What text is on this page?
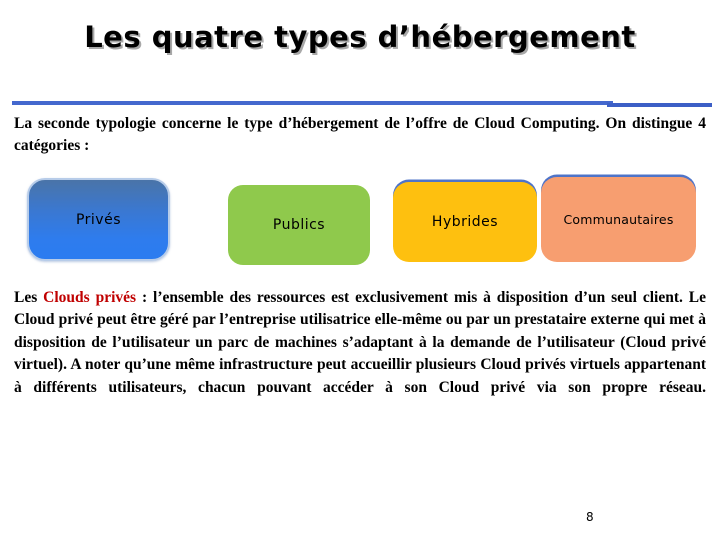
Les quatre types d’hébergement
La seconde typologie concerne le type d’hébergement de l’offre de Cloud Computing. On distingue 4 catégories :
Privés	Publics	Hybrides	Communautaires
Les Clouds privés : l’ensemble des ressources est exclusivement mis à disposition d’un seul client. Le Cloud privé peut être géré par l’entreprise utilisatrice elle-même ou par un prestataire externe qui met à disposition de l’utilisateur un parc de machines s’adaptant à la demande de l’utilisateur (Cloud privé virtuel). A noter qu’une même infrastructure peut accueillir plusieurs Cloud privés virtuels appartenant à différents utilisateurs, chacun pouvant accéder à son Cloud privé via son propre réseau.
8
